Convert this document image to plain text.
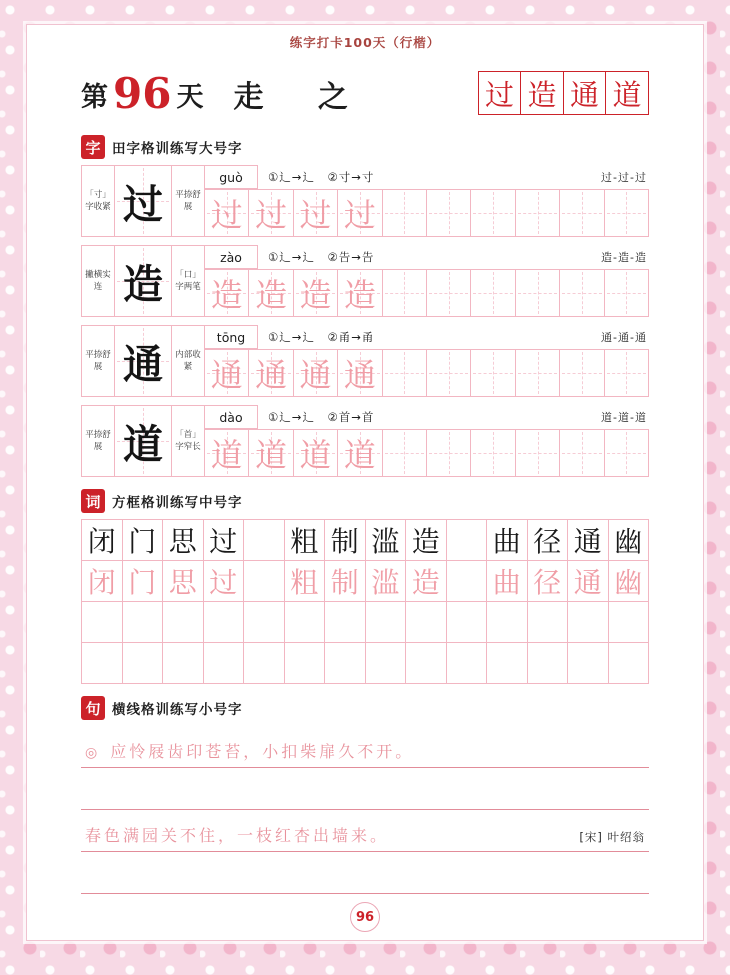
练字打卡100天（行楷）
第 96 天 走 之	过 造 通 道
字 田字格训练写大号字
「寸」字收紧 过	平捺舒展
guò	①辶→辶　②寸→寸	过-过-过
过 过 过 过
撇横实连 造	「口」字两笔
zào	①辶→辶　②告→告	造-造-造
造 造 造 造
平捺舒展 通	内部收紧
tōng	①辶→辶　②甬→甬	通-通-通
通 通 通 通
平捺舒展 道	「首」字窄长
dào	①辶→辶　②首→首	道-道-道
道 道 道 道
词 方框格训练写中号字
闭 门 思 过 粗 制 滥 造 曲 径 通 幽
闭 门 思 过 粗 制 滥 造 曲 径 通 幽
句 横线格训练写小号字
◎ 应怜屐齿印苍苔，小扣柴扉久不开。
春色满园关不住，一枝红杏出墙来。	[宋] 叶绍翁
96
